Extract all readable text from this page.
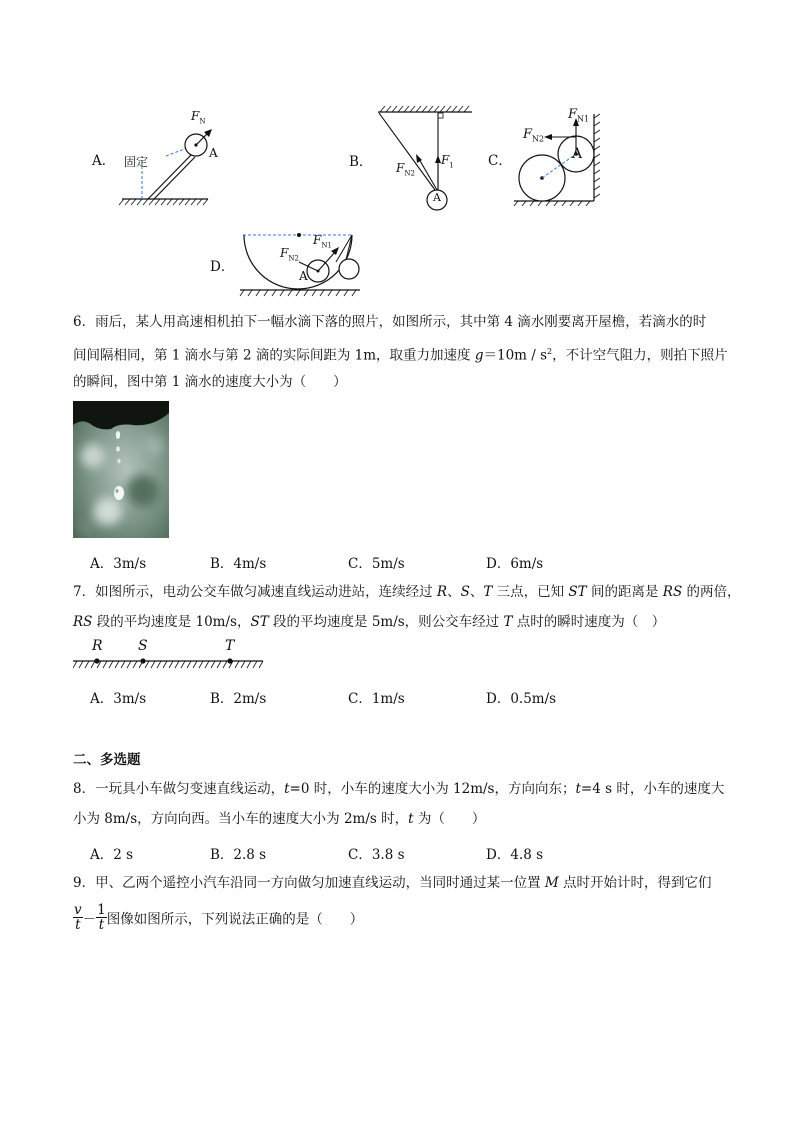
A． 固定
$F_N$
A
B．
A
$F_{N2}$
$F_1$	C．
$F_{N1}$
$F_{N2}$
A
D．
$F_{N1}$
$F_{N2}$
A
6．雨后，某人用高速相机拍下一幅水滴下落的照片，如图所示，其中第 4 滴水刚要离开屋檐，若滴水的时
间间隔相同，第 1 滴水与第 2 滴的实际间距为 1m，取重力加速度 $g=10m / s^2$，不计空气阻力，则拍下照片
的瞬间，图中第 1 滴水的速度大小为（　　）
A．3m/s	B．4m/s	C．5m/s	D．6m/s
7．如图所示，电动公交车做匀减速直线运动进站，连续经过 R、S、T 三点，已知 ST 间的距离是 RS 的两倍，
RS 段的平均速度是 10m/s，ST 段的平均速度是 5m/s，则公交车经过 T 点时的瞬时速度为（　）
R	S	T
A．3m/s	B．2m/s	C．1m/s	D．0.5m/s
二、多选题
8．一玩具小车做匀变速直线运动，t=0 时，小车的速度大小为 12m/s，方向向东；t=4 s 时，小车的速度大
小为 8m/s，方向向西。当小车的速度大小为 2m/s 时，t 为（　　）
A．2 s	B．2.8 s	C．3.8 s	D．4.8 s
9．甲、乙两个遥控小汽车沿同一方向做匀加速直线运动，当同时通过某一位置 M 点时开始计时，得到它们
$\frac{v}{t} - \frac{1}{t}$ 图像如图所示，下列说法正确的是（　　）
